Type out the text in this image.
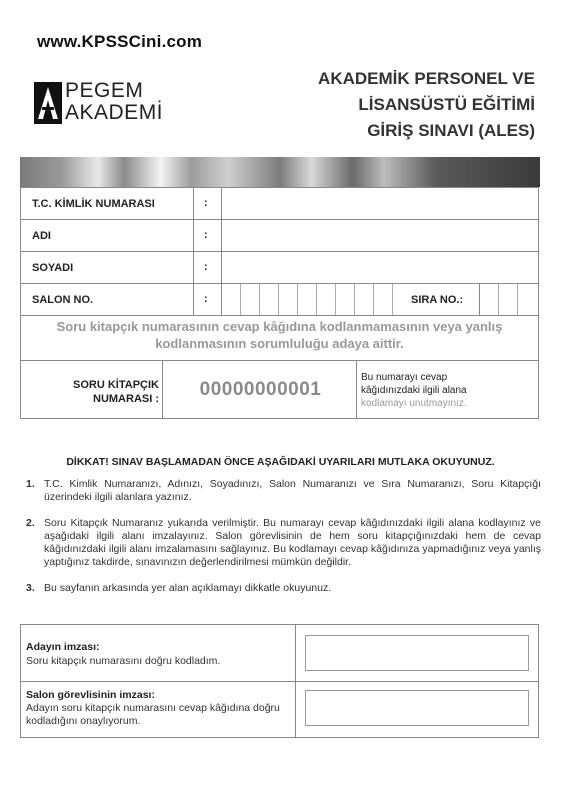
www.KPSSCini.com
PEGEM
AKADEMİ
AKADEMİK PERSONEL VE
LİSANSÜSTÜ EĞİTİMİ
GİRİŞ SINAVI (ALES)
T.C. KİMLİK NUMARASI	:
ADI	:
SOYADI	:
SALON NO.	:	SIRA NO.:
Soru kitapçık numarasının cevap kâğıdına kodlanmamasının veya yanlış kodlanmasının sorumluluğu adaya aittir.
SORU KİTAPÇIK
NUMARASI :	00000000001
Bu numarayı cevap
kâğıdınızdaki ilgili alana
kodlamayı unutmayınız.
DİKKAT! SINAV BAŞLAMADAN ÖNCE AŞAĞIDAKİ UYARILARI MUTLAKA OKUYUNUZ.
1. T.C. Kimlik Numaranızı, Adınızı, Soyadınızı, Salon Numaranızı ve Sıra Numaranızı, Soru Kitapçığı üzerindeki ilgili alanlara yazınız.
2. Soru Kitapçık Numaranız yukarıda verilmiştir. Bu numarayı cevap kâğıdınızdaki ilgili alana kodlayınız ve aşağıdaki ilgili alanı imzalayınız. Salon görevlisinin de hem soru kitapçığınızdaki hem de cevap kâğıdınızdaki ilgili alanı imzalamasını sağlayınız. Bu kodlamayı cevap kâğıdınıza yapmadığınız veya yanlış yaptığınız takdirde, sınavınızın değerlendirilmesi mümkün değildir.
3. Bu sayfanın arkasında yer alan açıklamayı dikkatle okuyunuz.
Adayın imzası:
Soru kitapçık numarasını doğru kodladım.
Salon görevlisinin imzası:
Adayın soru kitapçık numarasını cevap kâğıdına doğru kodladığını onaylıyorum.
